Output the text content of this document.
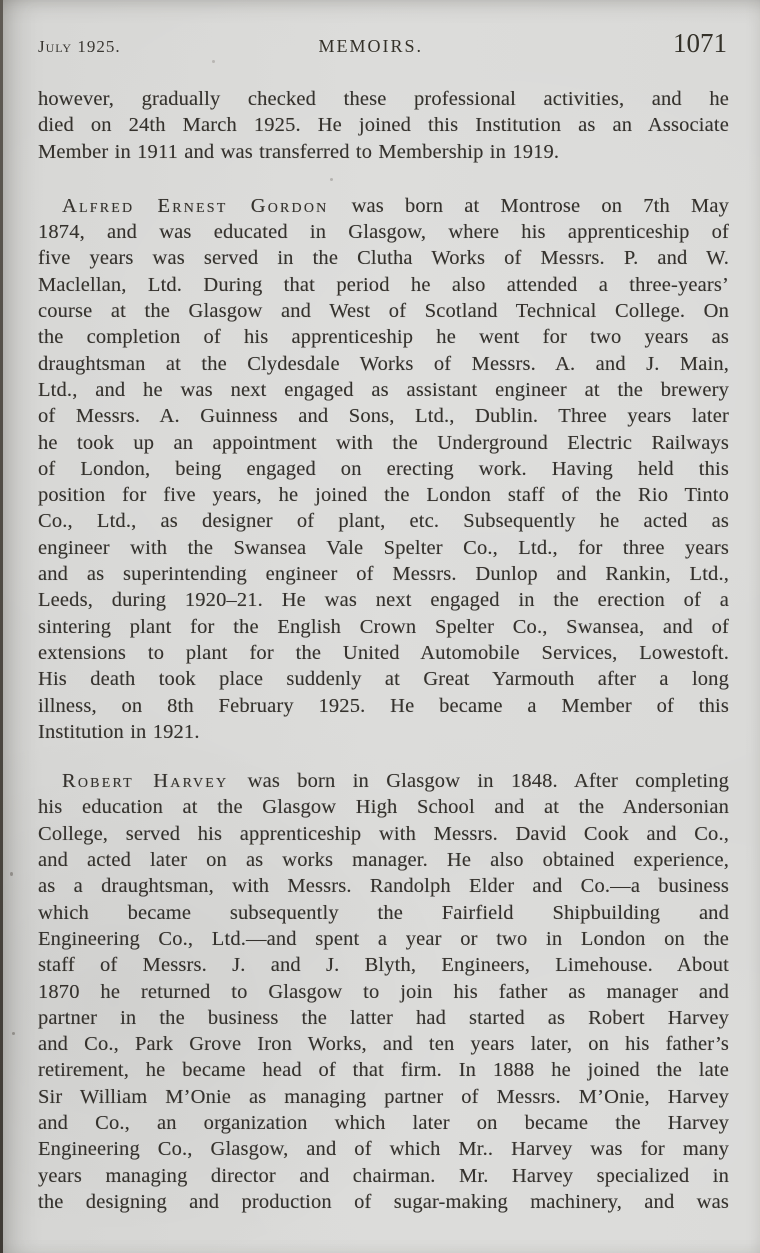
July 1925.	MEMOIRS.	1071
however, gradually checked these professional activities, and he
died on 24th March 1925. He joined this Institution as an Associate
Member in 1911 and was transferred to Membership in 1919.
Alfred Ernest Gordon was born at Montrose on 7th May
1874, and was educated in Glasgow, where his apprenticeship of
five years was served in the Clutha Works of Messrs. P. and W.
Maclellan, Ltd. During that period he also attended a three-years’
course at the Glasgow and West of Scotland Technical College. On
the completion of his apprenticeship he went for two years as
draughtsman at the Clydesdale Works of Messrs. A. and J. Main,
Ltd., and he was next engaged as assistant engineer at the brewery
of Messrs. A. Guinness and Sons, Ltd., Dublin. Three years later
he took up an appointment with the Underground Electric Railways
of London, being engaged on erecting work. Having held this
position for five years, he joined the London staff of the Rio Tinto
Co., Ltd., as designer of plant, etc. Subsequently he acted as
engineer with the Swansea Vale Spelter Co., Ltd., for three years
and as superintending engineer of Messrs. Dunlop and Rankin, Ltd.,
Leeds, during 1920–21. He was next engaged in the erection of a
sintering plant for the English Crown Spelter Co., Swansea, and of
extensions to plant for the United Automobile Services, Lowestoft.
His death took place suddenly at Great Yarmouth after a long
illness, on 8th February 1925. He became a Member of this
Institution in 1921.
Robert Harvey was born in Glasgow in 1848. After completing
his education at the Glasgow High School and at the Andersonian
College, served his apprenticeship with Messrs. David Cook and Co.,
and acted later on as works manager. He also obtained experience,
as a draughtsman, with Messrs. Randolph Elder and Co.—a business
which became subsequently the Fairfield Shipbuilding and
Engineering Co., Ltd.—and spent a year or two in London on the
staff of Messrs. J. and J. Blyth, Engineers, Limehouse. About
1870 he returned to Glasgow to join his father as manager and
partner in the business the latter had started as Robert Harvey
and Co., Park Grove Iron Works, and ten years later, on his father’s
retirement, he became head of that firm. In 1888 he joined the late
Sir William M’Onie as managing partner of Messrs. M’Onie, Harvey
and Co., an organization which later on became the Harvey
Engineering Co., Glasgow, and of which Mr.. Harvey was for many
years managing director and chairman. Mr. Harvey specialized in
the designing and production of sugar-making machinery, and was
